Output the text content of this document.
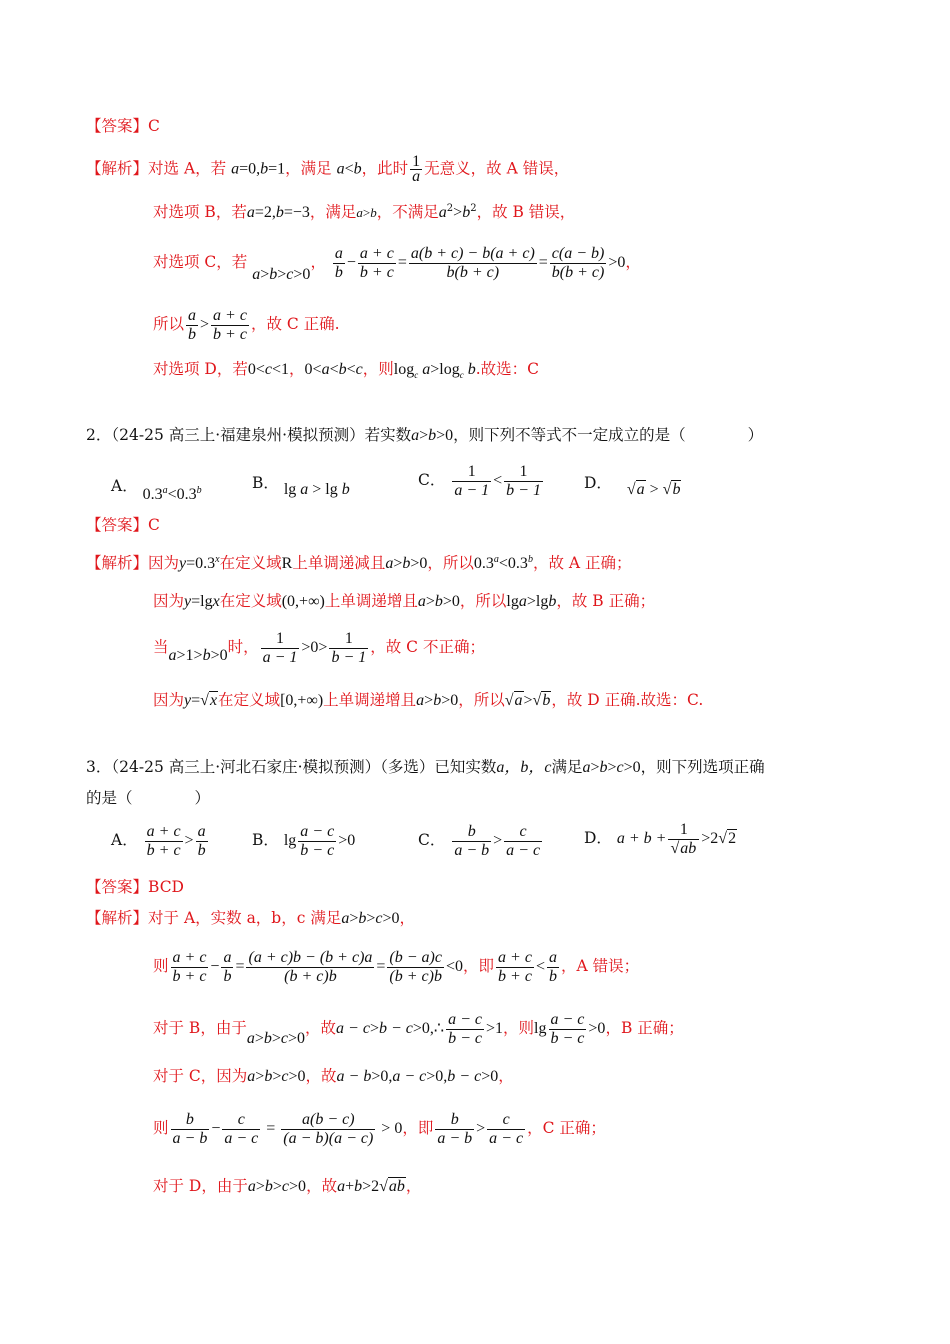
【答案】C
【解析】对选 A，若 a=0,b=1，满足 a<b，此时 $\frac{1}{a}$ 无意义，故 A 错误，
对选项 B，若a=2,b=−3，满足a>b，不满足$a^2>b^2$，故 B 错误，
对选项 C，若 a>b>c>0， $\frac{a}{b} - \frac{a + c}{b + c} = \frac{a(b + c) - b(a + c)}{b(b + c)} = \frac{c(a - b)}{b(b + c)} >0$，
所以 $\frac{a}{b} > \frac{a + c}{b + c}$ ，故 C 正确.
对选项 D，若0<c<1，0<a<b<c，则$\log_c a>\log_c$ b.故选：C
2．（24-25 高三上·福建泉州·模拟预测）若实数a>b>0，则下列不等式不一定成立的是（　　　　）
A． 0.3$^a$<0.3$^b$	B． lg a > lg b
C． $\frac{1}{a - 1} < \frac{1}{b - 1}$	D． √a > √b
【答案】C
【解析】因为$y=0.3^x$在定义域R上单调递减且a>b>0，所以0.3$^a$<0.3$^b$，故 A 正确；
因为y=lgx在定义域(0,+∞)上单调递增且a>b>0，所以lga>lgb，故 B 正确；
当a>1>b>0时， $\frac{1}{a - 1} >0> \frac{1}{b - 1}$ ，故 C 不正确；
因为y=√x在定义域[0,+∞)上单调递增且a>b>0，所以√a>√b，故 D 正确.故选：C.
3．（24-25 高三上·河北石家庄·模拟预测）（多选）已知实数a，b，c满足a>b>c>0，则下列选项正确
的是（　　　　）
A． $\frac{a + c}{b + c} > \frac{a}{b}$	B． $\lg \frac{a - c}{b - c} >0$	C． $\frac{b}{a - b} > \frac{c}{a - c}$	D． $a + b + \frac{1}{√ab} >2√2$
【答案】BCD
【解析】对于 A，实数 a，b，c 满足a>b>c>0，
则 $\frac{a + c}{b + c} - \frac{a}{b} = \frac{(a + c)b - (b + c)a}{(b + c)b} = \frac{(b - a)c}{(b + c)b} <0$，即 $\frac{a + c}{b + c} < \frac{a}{b}$ ，A 错误；
对于 B，由于a>b>c>0，故a − c>b − c>0,∴ $\frac{a - c}{b - c} >1$，则$\lg \frac{a - c}{b - c} >0$，B 正确；
对于 C，因为a>b>c>0，故a − b>0,a − c>0,b − c>0，
则 $\frac{b}{a - b} - \frac{c}{a - c} = \frac{a(b - c)}{(a - b)(a - c)} > 0$，即 $\frac{b}{a - b} > \frac{c}{a - c}$ ，C 正确；
对于 D，由于a>b>c>0，故a+b>2√ab，
